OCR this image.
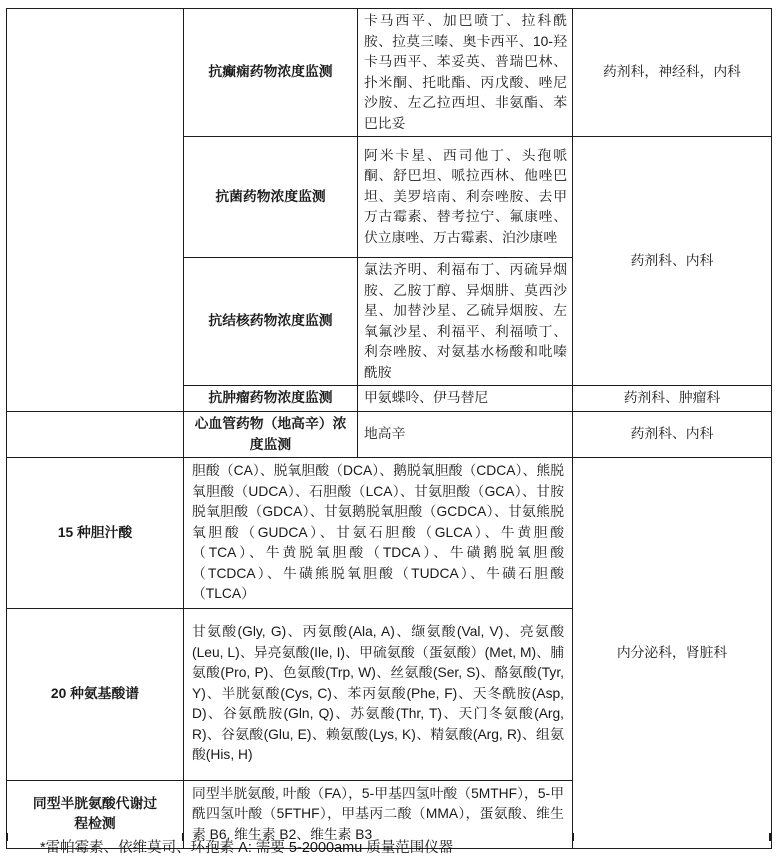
	抗癫痫药物浓度监测	卡马西平、加巴喷丁、拉科酰胺、拉莫三嗪、奥卡西平、10-羟卡马西平、苯妥英、普瑞巴林、扑米酮、托吡酯、丙戊酸、唑尼沙胺、左乙拉西坦、非氨酯、苯巴比妥	药剂科，神经科，内科
	抗菌药物浓度监测	阿米卡星、西司他丁、头孢哌酮、舒巴坦、哌拉西林、他唑巴坦、美罗培南、利奈唑胺、去甲万古霉素、替考拉宁、氟康唑、伏立康唑、万古霉素、泊沙康唑	药剂科、内科
	抗结核药物浓度监测	氯法齐明、利福布丁、丙硫异烟胺、乙胺丁醇、异烟肼、莫西沙星、加替沙星、乙硫异烟胺、左氧氟沙星、利福平、利福喷丁、利奈唑胺、对氨基水杨酸和吡嗪酰胺	
	抗肿瘤药物浓度监测	甲氨蝶呤、伊马替尼	药剂科、肿瘤科
	心血管药物（地高辛）浓度监测	地高辛	药剂科、内科
15 种胆汁酸	胆酸（CA）、脱氧胆酸（DCA）、鹅脱氧胆酸（CDCA）、熊脱氧胆酸（UDCA）、石胆酸（LCA）、甘氨胆酸（GCA）、甘胺脱氧胆酸（GDCA）、甘氨鹅脱氧胆酸（GCDCA）、甘氨熊脱氧胆酸（GUDCA）、甘氨石胆酸（GLCA）、牛黄胆酸（TCA）、牛黄脱氧胆酸（TDCA）、牛磺鹅脱氧胆酸（TCDCA）、牛磺熊脱氧胆酸（TUDCA）、牛磺石胆酸（TLCA）		内分泌科，肾脏科
20 种氨基酸谱	甘氨酸(Gly, G)、丙氨酸(Ala, A)、缬氨酸(Val, V)、亮氨酸(Leu, L)、异亮氨酸(Ile, I)、甲硫氨酸（蛋氨酸）(Met, M)、脯氨酸(Pro, P)、色氨酸(Trp, W)、丝氨酸(Ser, S)、酪氨酸(Tyr, Y)、半胱氨酸(Cys, C)、苯丙氨酸(Phe, F)、天冬酰胺(Asp, D)、谷氨酰胺(Gln, Q)、苏氨酸(Thr, T)、天门冬氨酸(Arg, R)、谷氨酸(Glu, E)、赖氨酸(Lys, K)、精氨酸(Arg, R)、组氨酸(His, H)		
同型半胱氨酸代谢过程检测	同型半胱氨酸, 叶酸（FA），5-甲基四氢叶酸（5MTHF），5-甲酰四氢叶酸（5FTHF），甲基丙二酸（MMA），蛋氨酸、维生素 B6, 维生素 B2、维生素 B3		
*雷帕霉素、依维莫司、环孢素 A: 需要 5-2000amu 质量范围仪器
